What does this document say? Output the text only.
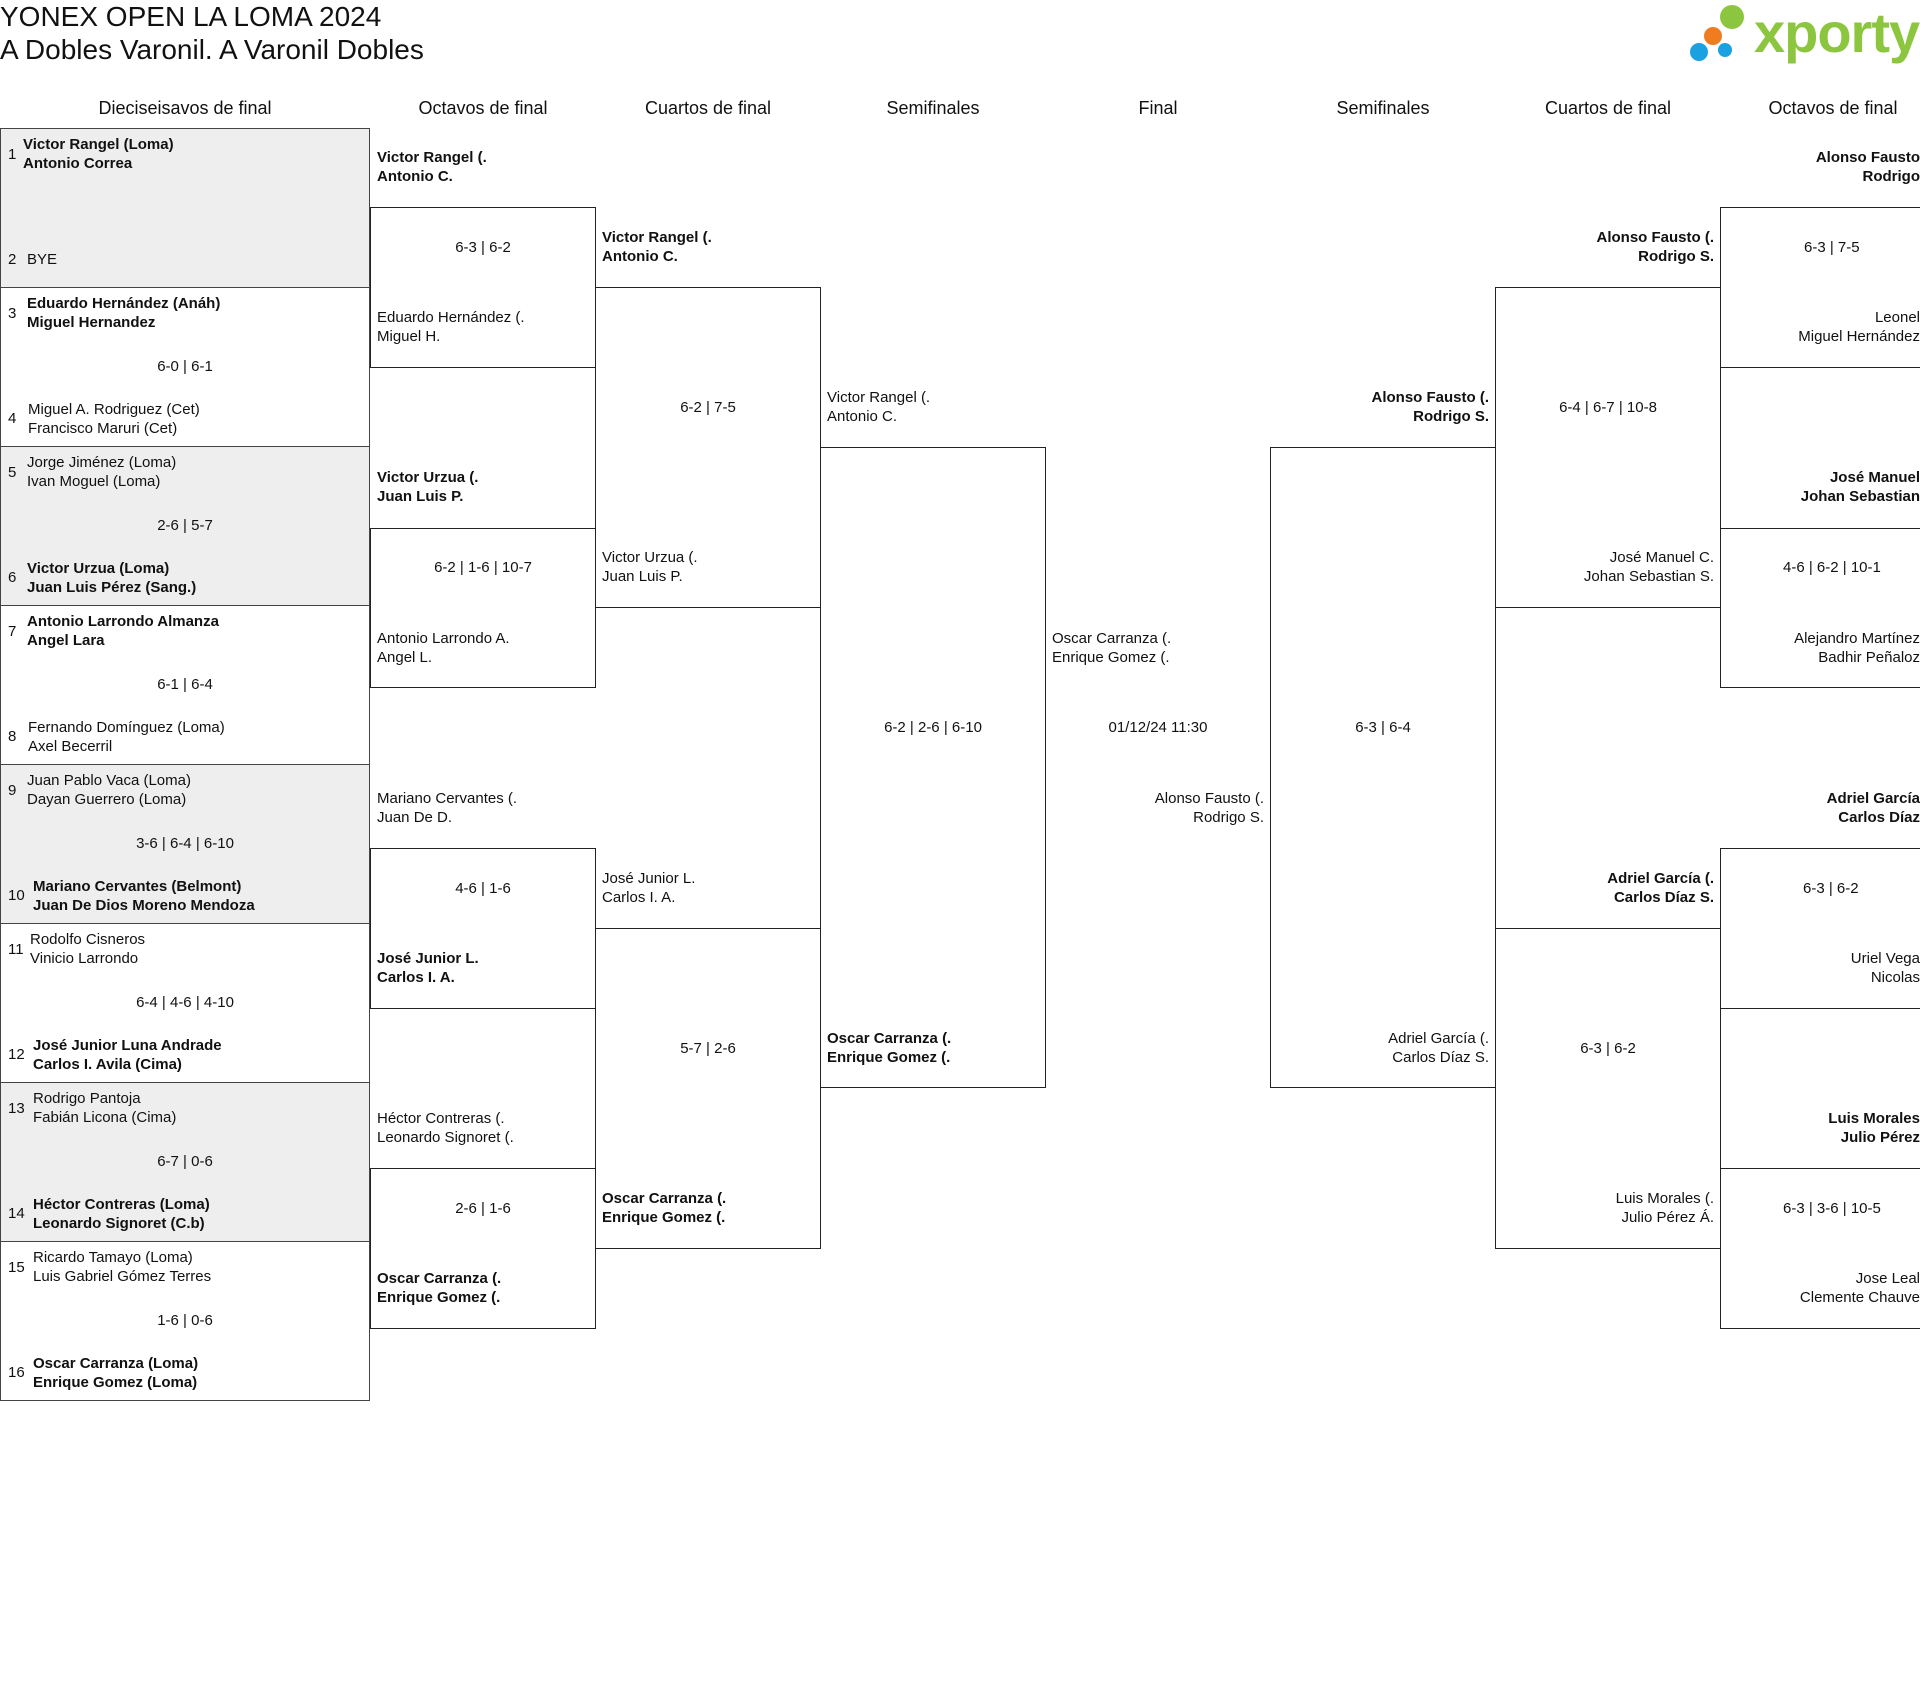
YONEX OPEN LA LOMA 2024
A Dobles Varonil. A Varonil Dobles	xporty
Dieciseisavos de final	Octavos de final	Cuartos de final	Semifinales	Final	Semifinales	Cuartos de final	Octavos de final
1
Victor Rangel (Loma)
Antonio Correa
2 BYE
3
Eduardo Hernández (Anáh)
Miguel Hernandez
6-0 | 6-1
4
Miguel A. Rodriguez (Cet)
Francisco Maruri (Cet)
5
Jorge Jiménez (Loma)
Ivan Moguel (Loma)
2-6 | 5-7
6
Victor Urzua (Loma)
Juan Luis Pérez (Sang.)
7
Antonio Larrondo Almanza
Angel Lara
6-1 | 6-4
8
Fernando Domínguez (Loma)
Axel Becerril
9
Juan Pablo Vaca (Loma)
Dayan Guerrero (Loma)
3-6 | 6-4 | 6-10
10
Mariano Cervantes (Belmont)
Juan De Dios Moreno Mendoza
11
Rodolfo Cisneros
Vinicio Larrondo
6-4 | 4-6 | 4-10
12
José Junior Luna Andrade
Carlos I. Avila (Cima)
13
Rodrigo Pantoja
Fabián Licona (Cima)
6-7 | 0-6
14
Héctor Contreras (Loma)
Leonardo Signoret (C.b)
15
Ricardo Tamayo (Loma)
Luis Gabriel Gómez Terres
1-6 | 0-6
16
Oscar Carranza (Loma)
Enrique Gomez (Loma)
Victor Rangel (.
Antonio C.
6-3 | 6-2
Eduardo Hernández (.
Miguel H.
Victor Urzua (.
Juan Luis P.
6-2 | 1-6 | 10-7
Antonio Larrondo A.
Angel L.
Mariano Cervantes (.
Juan De D.
4-6 | 1-6
José Junior L.
Carlos I. A.
Héctor Contreras (.
Leonardo Signoret (.
2-6 | 1-6
Oscar Carranza (.
Enrique Gomez (.
Victor Rangel (.
Antonio C.
6-2 | 7-5
Victor Urzua (.
Juan Luis P.
José Junior L.
Carlos I. A.
5-7 | 2-6
Oscar Carranza (.
Enrique Gomez (.
Victor Rangel (.
Antonio C.
6-2 | 2-6 | 6-10
Oscar Carranza (.
Enrique Gomez (.
Oscar Carranza (.
Enrique Gomez (.
01/12/24 11:30
Alonso Fausto (.
Rodrigo S.
Alonso Fausto (.
Rodrigo S.
6-3 | 6-4
Adriel García (.
Carlos Díaz S.
Alonso Fausto (.
Rodrigo S.
6-4 | 6-7 | 10-8
José Manuel C.
Johan Sebastian S.
Adriel García (.
Carlos Díaz S.
6-3 | 6-2
Luis Morales (.
Julio Pérez Á.
Alonso Fausto
Rodrigo
6-3 | 7-5
Leonel
Miguel Hernández
José Manuel
Johan Sebastian
4-6 | 6-2 | 10-1
Alejandro Martínez
Badhir Peñaloz
Adriel García
Carlos Díaz
6-3 | 6-2
Uriel Vega
Nicolas
Luis Morales
Julio Pérez
6-3 | 3-6 | 10-5
Jose Leal
Clemente Chauve
